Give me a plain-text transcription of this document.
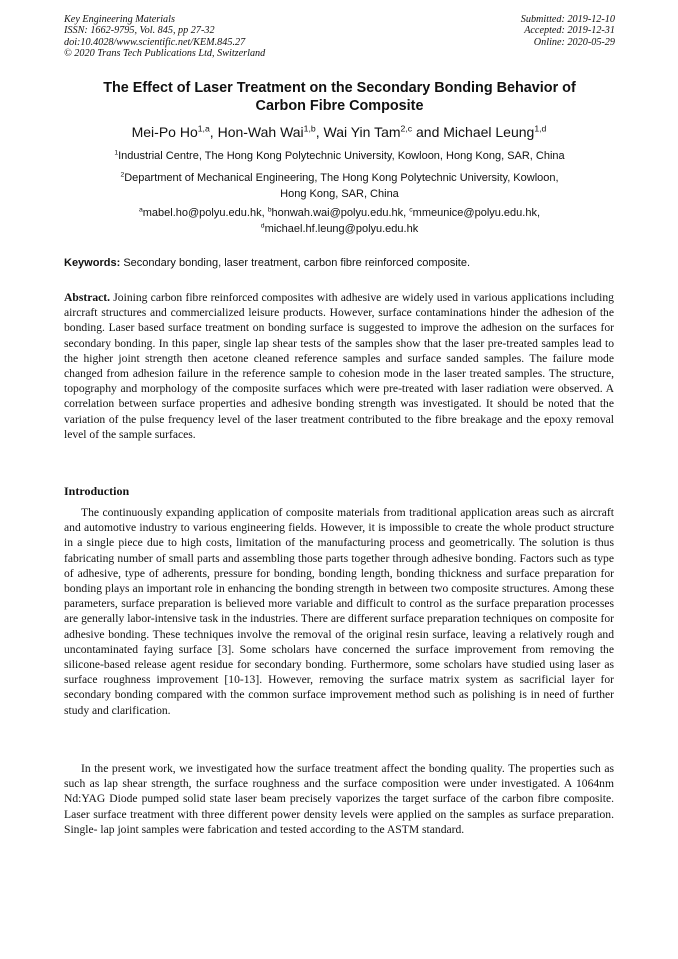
Key Engineering Materials
ISSN: 1662-9795, Vol. 845, pp 27-32
doi:10.4028/www.scientific.net/KEM.845.27
© 2020 Trans Tech Publications Ltd, Switzerland
Submitted: 2019-12-10
Accepted: 2019-12-31
Online: 2020-05-29
The Effect of Laser Treatment on the Secondary Bonding Behavior of
Carbon Fibre Composite
Mei-Po Ho$^{1,a}$, Hon-Wah Wai$^{1,b}$, Wai Yin Tam$^{2,c}$ and Michael Leung$^{1,d}$
$^1$Industrial Centre, The Hong Kong Polytechnic University, Kowloon, Hong Kong, SAR, China
$^2$Department of Mechanical Engineering, The Hong Kong Polytechnic University, Kowloon,
Hong Kong, SAR, China
$^a$mabel.ho@polyu.edu.hk, $^b$honwah.wai@polyu.edu.hk, $^c$mmeunice@polyu.edu.hk,
$^d$michael.hf.leung@polyu.edu.hk
Keywords: Secondary bonding, laser treatment, carbon fibre reinforced composite.
Abstract. Joining carbon fibre reinforced composites with adhesive are widely used in various applications including aircraft structures and commercialized leisure products. However, surface contaminations hinder the adhesion of the bonding. Laser based surface treatment on bonding surface is suggested to improve the adhesion on the surfaces for secondary bonding. In this paper, single lap shear tests of the samples show that the laser pre-treated samples lead to the higher joint strength then acetone cleaned reference samples and surface sanded samples. The failure mode changed from adhesion failure in the reference sample to cohesion mode in the laser treated samples. The structure, topography and morphology of the composite surfaces which were pre-treated with laser radiation were observed. A correlation between surface properties and adhesive bonding strength was investigated. It should be noted that the variation of the pulse frequency level of the laser treatment contributed to the fibre breakage and the epoxy removal level of the sample surfaces.
Introduction

The continuously expanding application of composite materials from traditional application areas such as aircraft and automotive industry to various engineering fields. However, it is impossible to create the whole product structure in a single piece due to high costs, limitation of the manufacturing process and geometrically. The solution is thus fabricating number of small parts and assembling those parts together through adhesive bonding. Factors such as type of adhesive, type of adherents, pressure for bonding, bonding length, bonding thickness and surface preparation for bonding plays an important role in enhancing the bonding strength in between two composite structures. Among these parameters, surface preparation is believed more variable and difficult to control as the surface preparation processes are generally labor-intensive task in the industries. There are different surface preparation techniques on composite for adhesive bonding. These techniques involve the removal of the original resin surface, leaving a relatively rough and uncontaminated faying surface [3]. Some scholars have concerned the surface improvement from removing the silicone-based release agent residue for secondary bonding. Furthermore, some scholars have studied using laser as surface roughness improvement [10-13]. However, removing the surface matrix system as sacrificial layer for secondary bonding compared with the common surface improvement method such as polishing is in need of further study and clarification.

In the present work, we investigated how the surface treatment affect the bonding quality. The properties such as such as lap shear strength, the surface roughness and the surface composition were under investigated. A 1064nm Nd:YAG Diode pumped solid state laser beam precisely vaporizes the target surface of the carbon fibre composite. Laser surface treatment with three different power density levels were applied on the samples as surface preparation. Single- lap joint samples were fabrication and tested according to the ASTM standard.
